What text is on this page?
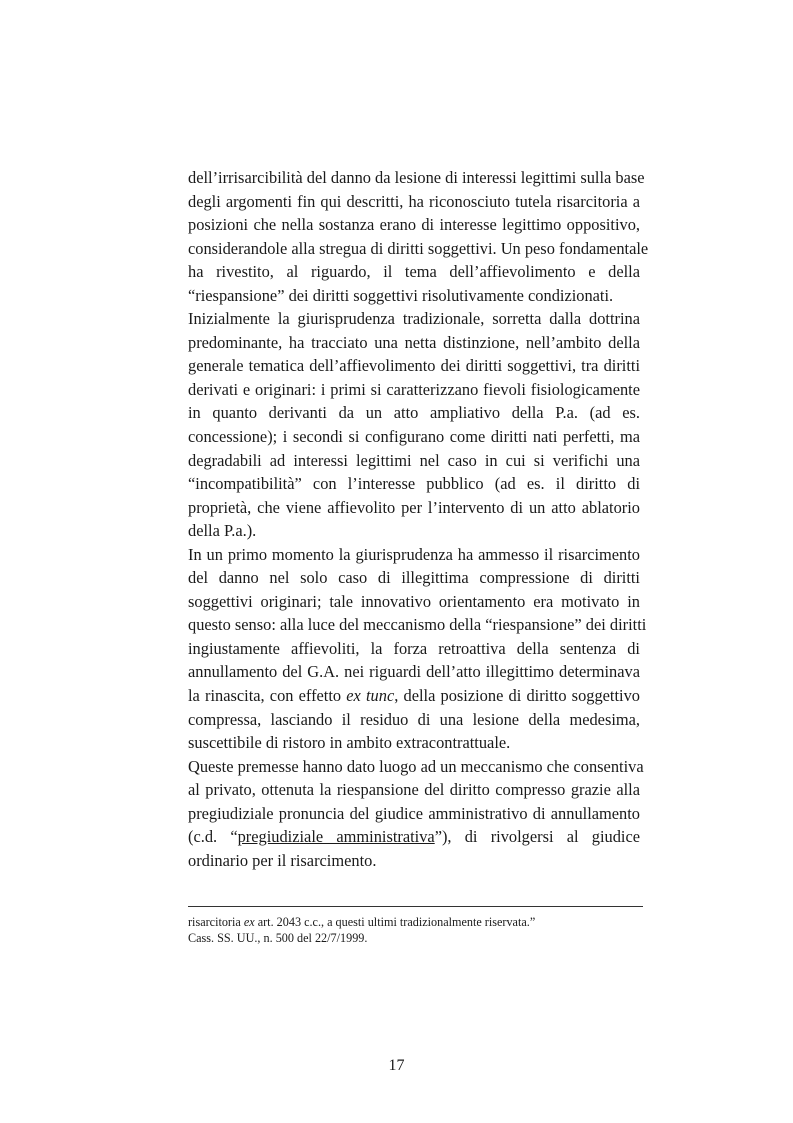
dell’irrisarcibilità del danno da lesione di interessi legittimi sulla base
degli argomenti fin qui descritti, ha riconosciuto tutela risarcitoria a
posizioni che nella sostanza erano di interesse legittimo oppositivo,
considerandole alla stregua di diritti soggettivi. Un peso fondamentale
ha rivestito, al riguardo, il tema dell’affievolimento e della
“riespansione” dei diritti soggettivi risolutivamente condizionati.
Inizialmente la giurisprudenza tradizionale, sorretta dalla dottrina
predominante, ha tracciato una netta distinzione, nell’ambito della
generale tematica dell’affievolimento dei diritti soggettivi, tra diritti
derivati e originari: i primi si caratterizzano fievoli fisiologicamente
in quanto derivanti da un atto ampliativo della P.a. (ad es.
concessione); i secondi si configurano come diritti nati perfetti, ma
degradabili ad interessi legittimi nel caso in cui si verifichi una
“incompatibilità” con l’interesse pubblico (ad es. il diritto di
proprietà, che viene affievolito per l’intervento di un atto ablatorio
della P.a.).
In un primo momento la giurisprudenza ha ammesso il risarcimento
del danno nel solo caso di illegittima compressione di diritti
soggettivi originari; tale innovativo orientamento era motivato in
questo senso: alla luce del meccanismo della “riespansione” dei diritti
ingiustamente affievoliti, la forza retroattiva della sentenza di
annullamento del G.A. nei riguardi dell’atto illegittimo determinava
la rinascita, con effetto ex tunc, della posizione di diritto soggettivo
compressa, lasciando il residuo di una lesione della medesima,
suscettibile di ristoro in ambito extracontrattuale.
Queste premesse hanno dato luogo ad un meccanismo che consentiva
al privato, ottenuta la riespansione del diritto compresso grazie alla
pregiudiziale pronuncia del giudice amministrativo di annullamento
(c.d. “pregiudiziale amministrativa”), di rivolgersi al giudice
ordinario per il risarcimento.
risarcitoria ex art. 2043 c.c., a questi ultimi tradizionalmente riservata.”
Cass. SS. UU., n. 500 del 22/7/1999.
17
